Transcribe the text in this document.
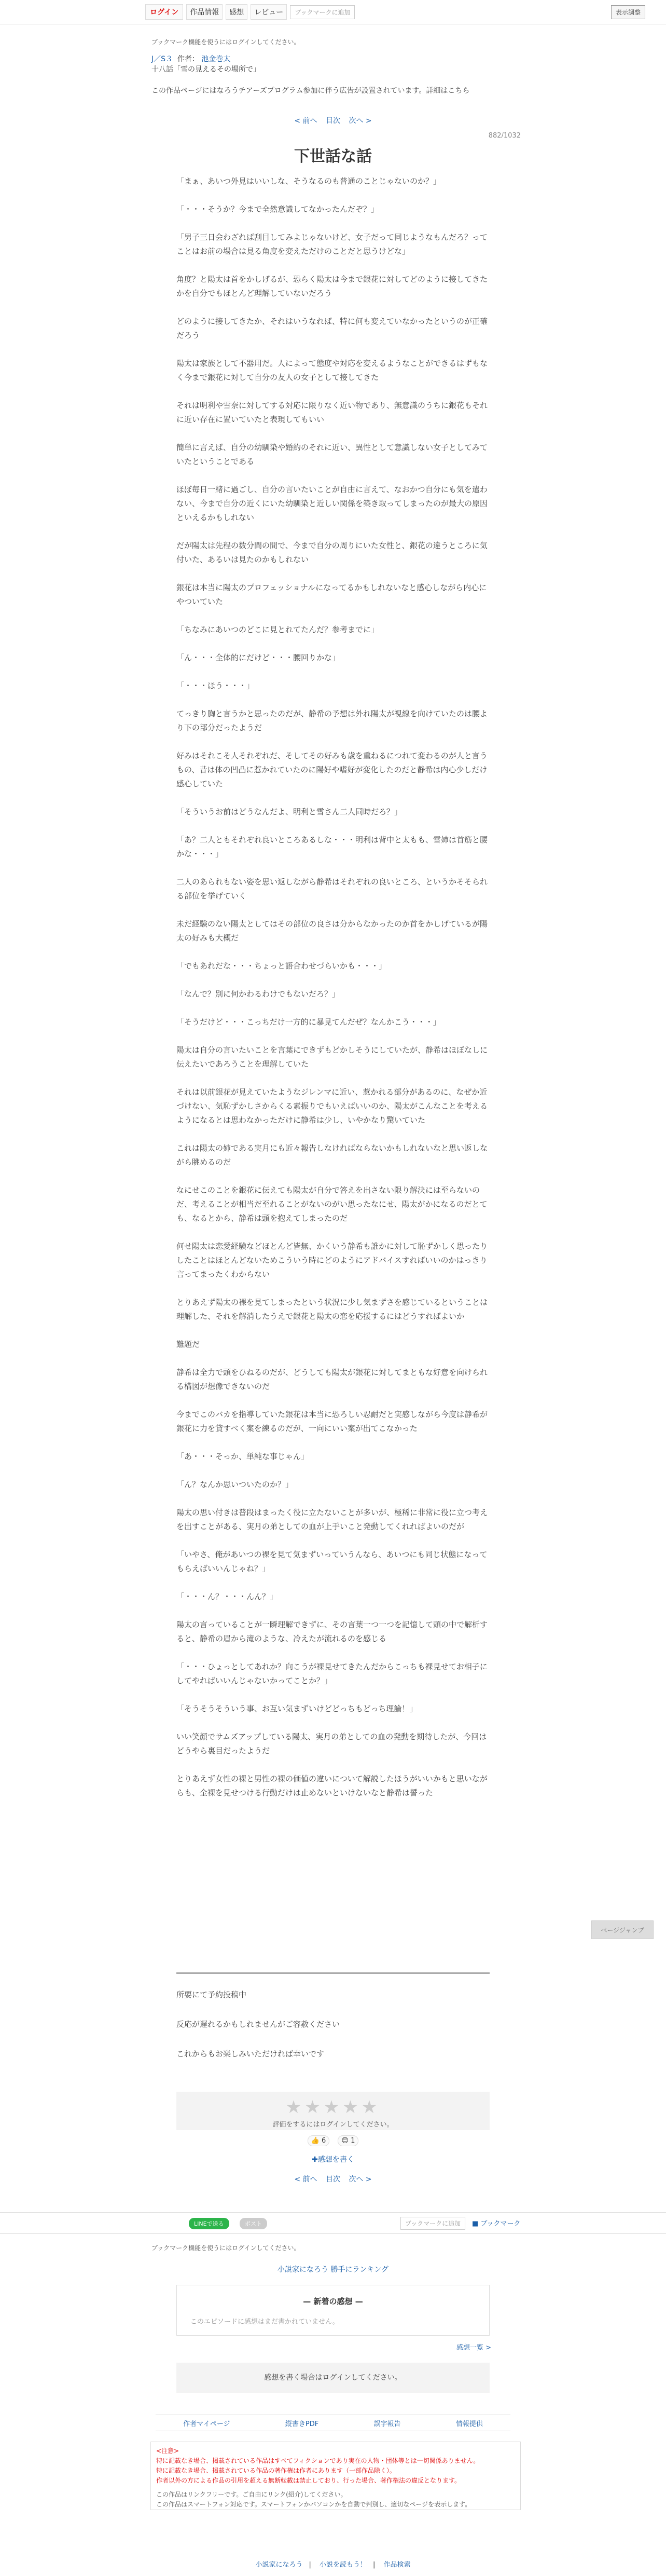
ログイン	作品情報	感想	レビュー	ブックマークに追加	表示調整
ブックマーク機能を使うにはログインしてください。
J／S３ 作者： 池金巻太
十八話「雪の見えるその場所で」
この作品ページにはなろうチアーズプログラム参加に伴う広告が設置されています。詳細はこちら
< 前へ 目次 次へ >
882/1032
下世話な話

「まぁ、あいつ外見はいいしな、そうなるのも普通のことじゃないのか？」

「・・・そうか？今まで全然意識してなかったんだぞ？」

「男子三日会わざれば刮目してみよじゃないけど、女子だって同じようなもんだろ？ってことはお前の場合は見る角度を変えただけのことだと思うけどな」

角度？と陽太は首をかしげるが、恐らく陽太は今まで銀花に対してどのように接してきたかを自分でもほとんど理解していないだろう

どのように接してきたか、それはいうなれば、特に何も変えていなかったというのが正確だろう

陽太は家族として不器用だ。人によって態度や対応を変えるようなことができるはずもなく今まで銀花に対して自分の友人の女子として接してきた

それは明利や雪奈に対してする対応に限りなく近い物であり、無意識のうちに銀花もそれに近い存在に置いていたと表現してもいい

簡単に言えば、自分の幼馴染や婚約のそれに近い、異性として意識しない女子としてみていたということである

ほぼ毎日一緒に過ごし、自分の言いたいことが自由に言えて、なおかつ自分にも気を遣わない、今まで自分の近くにいた幼馴染と近しい関係を築き取ってしまったのが最大の原因といえるかもしれない

だが陽太は先程の数分間の間で、今まで自分の周りにいた女性と、銀花の違うところに気付いた、あるいは見たのかもしれない

銀花は本当に陽太のプロフェッショナルになってるかもしれないなと感心しながら内心にやついていた

「ちなみにあいつのどこに見とれてたんだ？参考までに」

「ん・・・全体的にだけど・・・腰回りかな」

「・・・ほう・・・」

てっきり胸と言うかと思ったのだが、静希の予想は外れ陽太が視線を向けていたのは腰より下の部分だったようだ

好みはそれこそ人それぞれだ、そしてその好みも歳を重ねるにつれて変わるのが人と言うもの、昔は体の凹凸に惹かれていたのに陽好や嗜好が変化したのだと静希は内心少しだけ感心していた

「そういうお前はどうなんだよ、明利と雪さん二人同時だろ？」

「あ？二人ともそれぞれ良いところあるしな・・・明利は背中と太もも、雪姉は首筋と腰かな・・・」

二人のあられもない姿を思い返しながら静希はそれぞれの良いところ、というかそそられる部位を挙げていく

未だ経験のない陽太としてはその部位の良さは分からなかったのか首をかしげているが陽太の好みも大概だ

「でもあれだな・・・ちょっと語合わせづらいかも・・・」

「なんで？別に何かわるわけでもないだろ？」

「そうだけど・・・こっちだけ一方的に暴見てんだぜ？なんかこう・・・」

陽太は自分の言いたいことを言葉にできずもどかしそうにしていたが、静希はほぼなしに伝えたいであろうことを理解していた

それは以前銀花が見えていたようなジレンマに近い、惹かれる部分があるのに、なぜか近づけない、気恥ずかしさからくる素振りでもいえばいいのか、陽太がこんなことを考えるようになるとは思わなかっただけに静希は少し、いやかなり驚いていた

これは陽太の姉である実月にも近々報告しなければならないかもしれないなと思い返しながら眺めるのだ

なにせこのことを銀花に伝えても陽太が自分で答えを出さない限り解決には至らないのだ、考えることが相当だ至れることがないのがい思ったなにせ、陽太がかになるのだとても、なるとから、静希は頭を抱えてしまったのだ

何せ陽太は恋愛経験などほとんど皆無、かくいう静希も誰かに対して恥ずかしく思ったりしたことはほとんどないためこういう時にどのようにアドバイスすればいいのかはっきり言ってまったくわからない

とりあえず陽太の裸を見てしまったという状況に少し気まずさを感じているということは理解した、それを解消したうえで銀花と陽太の恋を応援するにはどうすればよいか

難題だ

静希は全力で頭をひねるのだが、どうしても陽太が銀花に対してまともな好意を向けられる構図が想像できないのだ

今までこのバカを指導していた銀花は本当に恐ろしい忍耐だと実感しながら今度は静希が銀花に力を貸すべく案を練るのだが、一向にいい案が出てこなかった

「あ・・・そっか、単純な事じゃん」

「ん？なんか思いついたのか？」

陽太の思い付きは普段はまったく役に立たないことが多いが、極稀に非常に役に立つ考えを出すことがある、実月の弟としての血が上手いこと発動してくれればよいのだが

「いやさ、俺があいつの裸を見て気まずいっていうんなら、あいつにも同じ状態になってもらえばいいんじゃね？」

「・・・ん？・・・んん？」

陽太の言っていることが一瞬理解できずに、その言葉一つ一つを記憶して頭の中で解析すると、静希の眉から滝のような、冷えたが流れるのを感じる

「・・・ひょっとしてあれか？向こうが裸見せてきたんだからこっちも裸見せてお相子にしてやればいいんじゃないかってことか？」

「そうそうそういう事、お互い気まずいけどどっちもどっち理論！」

いい笑顔でサムズアップしている陽太、実月の弟としての血の発動を期待したが、今回はどうやら裏目だったようだ

とりあえず女性の裸と男性の裸の価値の違いについて解説したほうがいいかもと思いながらも、全裸を見せつける行動だけは止めないといけないなと静希は誓った

ページジャンプ

所要にて予約投稿中

反応が遅れるかもしれませんがご容赦ください

これからもお楽しみいただければ幸いです

★★★★★
評価をするにはログインしてください。
👍 6 😊 1
✚感想を書く
< 前へ 目次 次へ >
LINEで送る	ポスト	ブックマークに追加	■ ブックマーク
ブックマーク機能を使うにはログインしてください。
小説家になろう 勝手にランキング
— 新着の感想 —
このエピソードに感想はまだ書かれていません。
感想一覧 >
感想を書く場合はログインしてください。
作者マイページ	縦書きPDF	誤字報告	情報提供
<注意>
特に記載なき場合、掲載されている作品はすべてフィクションであり実在の人物・団体等とは一切関係ありません。
特に記載なき場合、掲載されている作品の著作権は作者にあります（一部作品除く）。
作者以外の方による作品の引用を超える無断転載は禁止しており、行った場合、著作権法の違反となります。
この作品はリンクフリーです。ご自由にリンク(紹介)してください。
この作品はスマートフォン対応です。スマートフォンかパソコンかを自動で判別し、適切なページを表示します。
小説家になろう | 小説を読もう！ | 作品検索
